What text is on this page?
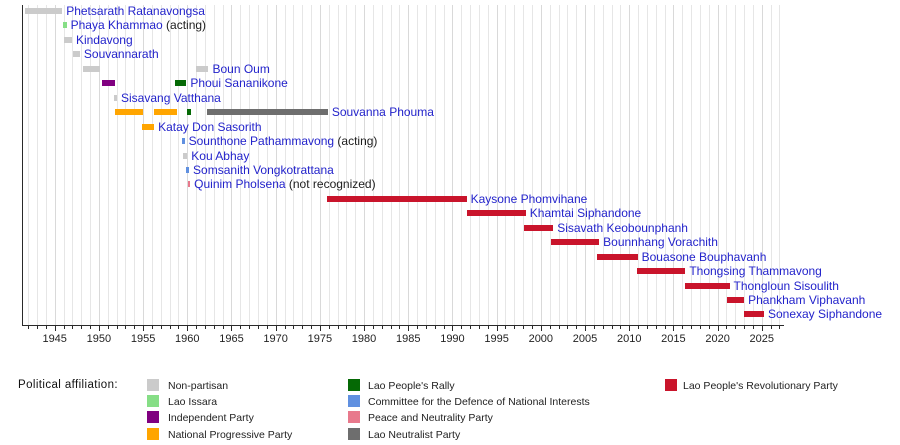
1945 1950 1955 1960 1965 1970 1975 1980 1985 1990 1995 2000 2005 2010 2015 2020 2025
Phetsarath Ratanavongsa
Phaya Khammao (acting)
Kindavong
Souvannarath
Boun Oum
Phoui Sananikone
Sisavang Vatthana
Souvanna Phouma
Katay Don Sasorith
Sounthone Pathammavong (acting)
Kou Abhay
Somsanith Vongkotrattana
Quinim Pholsena (not recognized)
Kaysone Phomvihane
Khamtai Siphandone
Sisavath Keobounphanh
Bounnhang Vorachith
Bouasone Bouphavanh
Thongsing Thammavong
Thongloun Sisoulith
Phankham Viphavanh
Sonexay Siphandone
Political affiliation:	Non-partisan
Lao Issara
Independent Party
National Progressive Party
Lao People's Rally
Committee for the Defence of National Interests
Peace and Neutrality Party
Lao Neutralist Party
Lao People's Revolutionary Party
